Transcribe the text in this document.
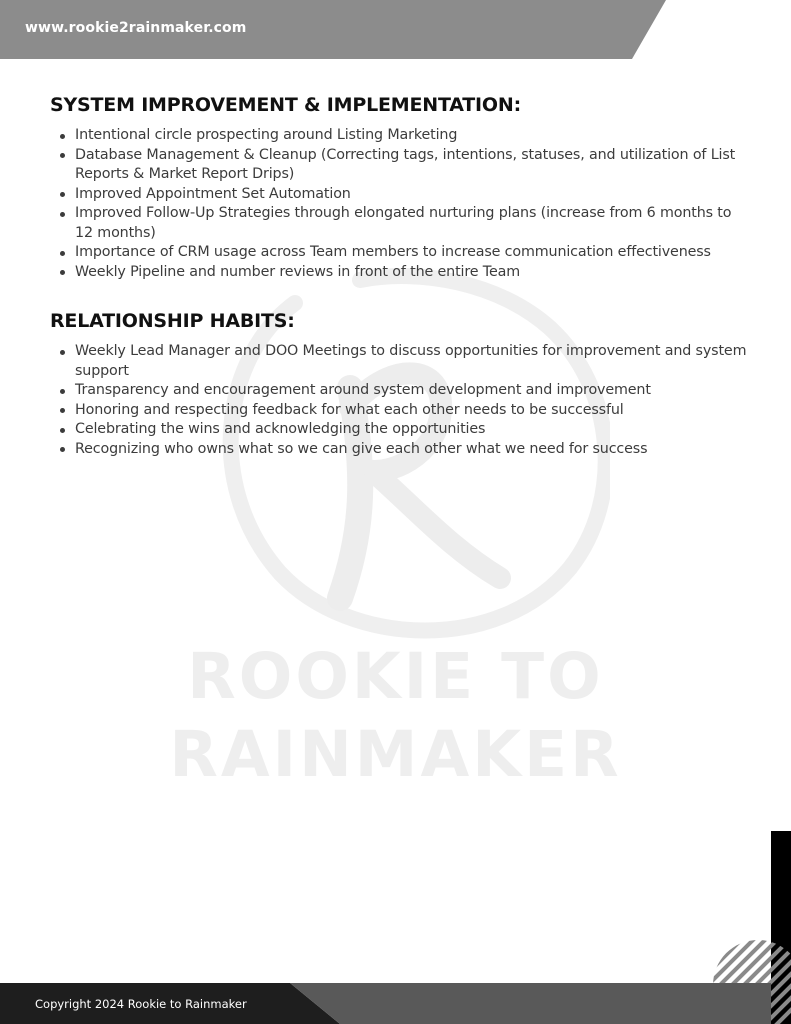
www.rookie2rainmaker.com
ROOKIE TO
RAINMAKER
SYSTEM IMPROVEMENT & IMPLEMENTATION:
Intentional circle prospecting around Listing Marketing
Database Management & Cleanup (Correcting tags, intentions, statuses, and utilization of List Reports & Market Report Drips)
Improved Appointment Set Automation
Improved Follow-Up Strategies through elongated nurturing plans (increase from 6 months to 12 months)
Importance of CRM usage across Team members to increase communication effectiveness
Weekly Pipeline and number reviews in front of the entire Team
RELATIONSHIP HABITS:
Weekly Lead Manager and DOO Meetings to discuss opportunities for improvement and system support
Transparency and encouragement around system development and improvement
Honoring and respecting feedback for what each other needs to be successful
Celebrating the wins and acknowledging the opportunities
Recognizing who owns what so we can give each other what we need for success
Copyright 2024 Rookie to Rainmaker
